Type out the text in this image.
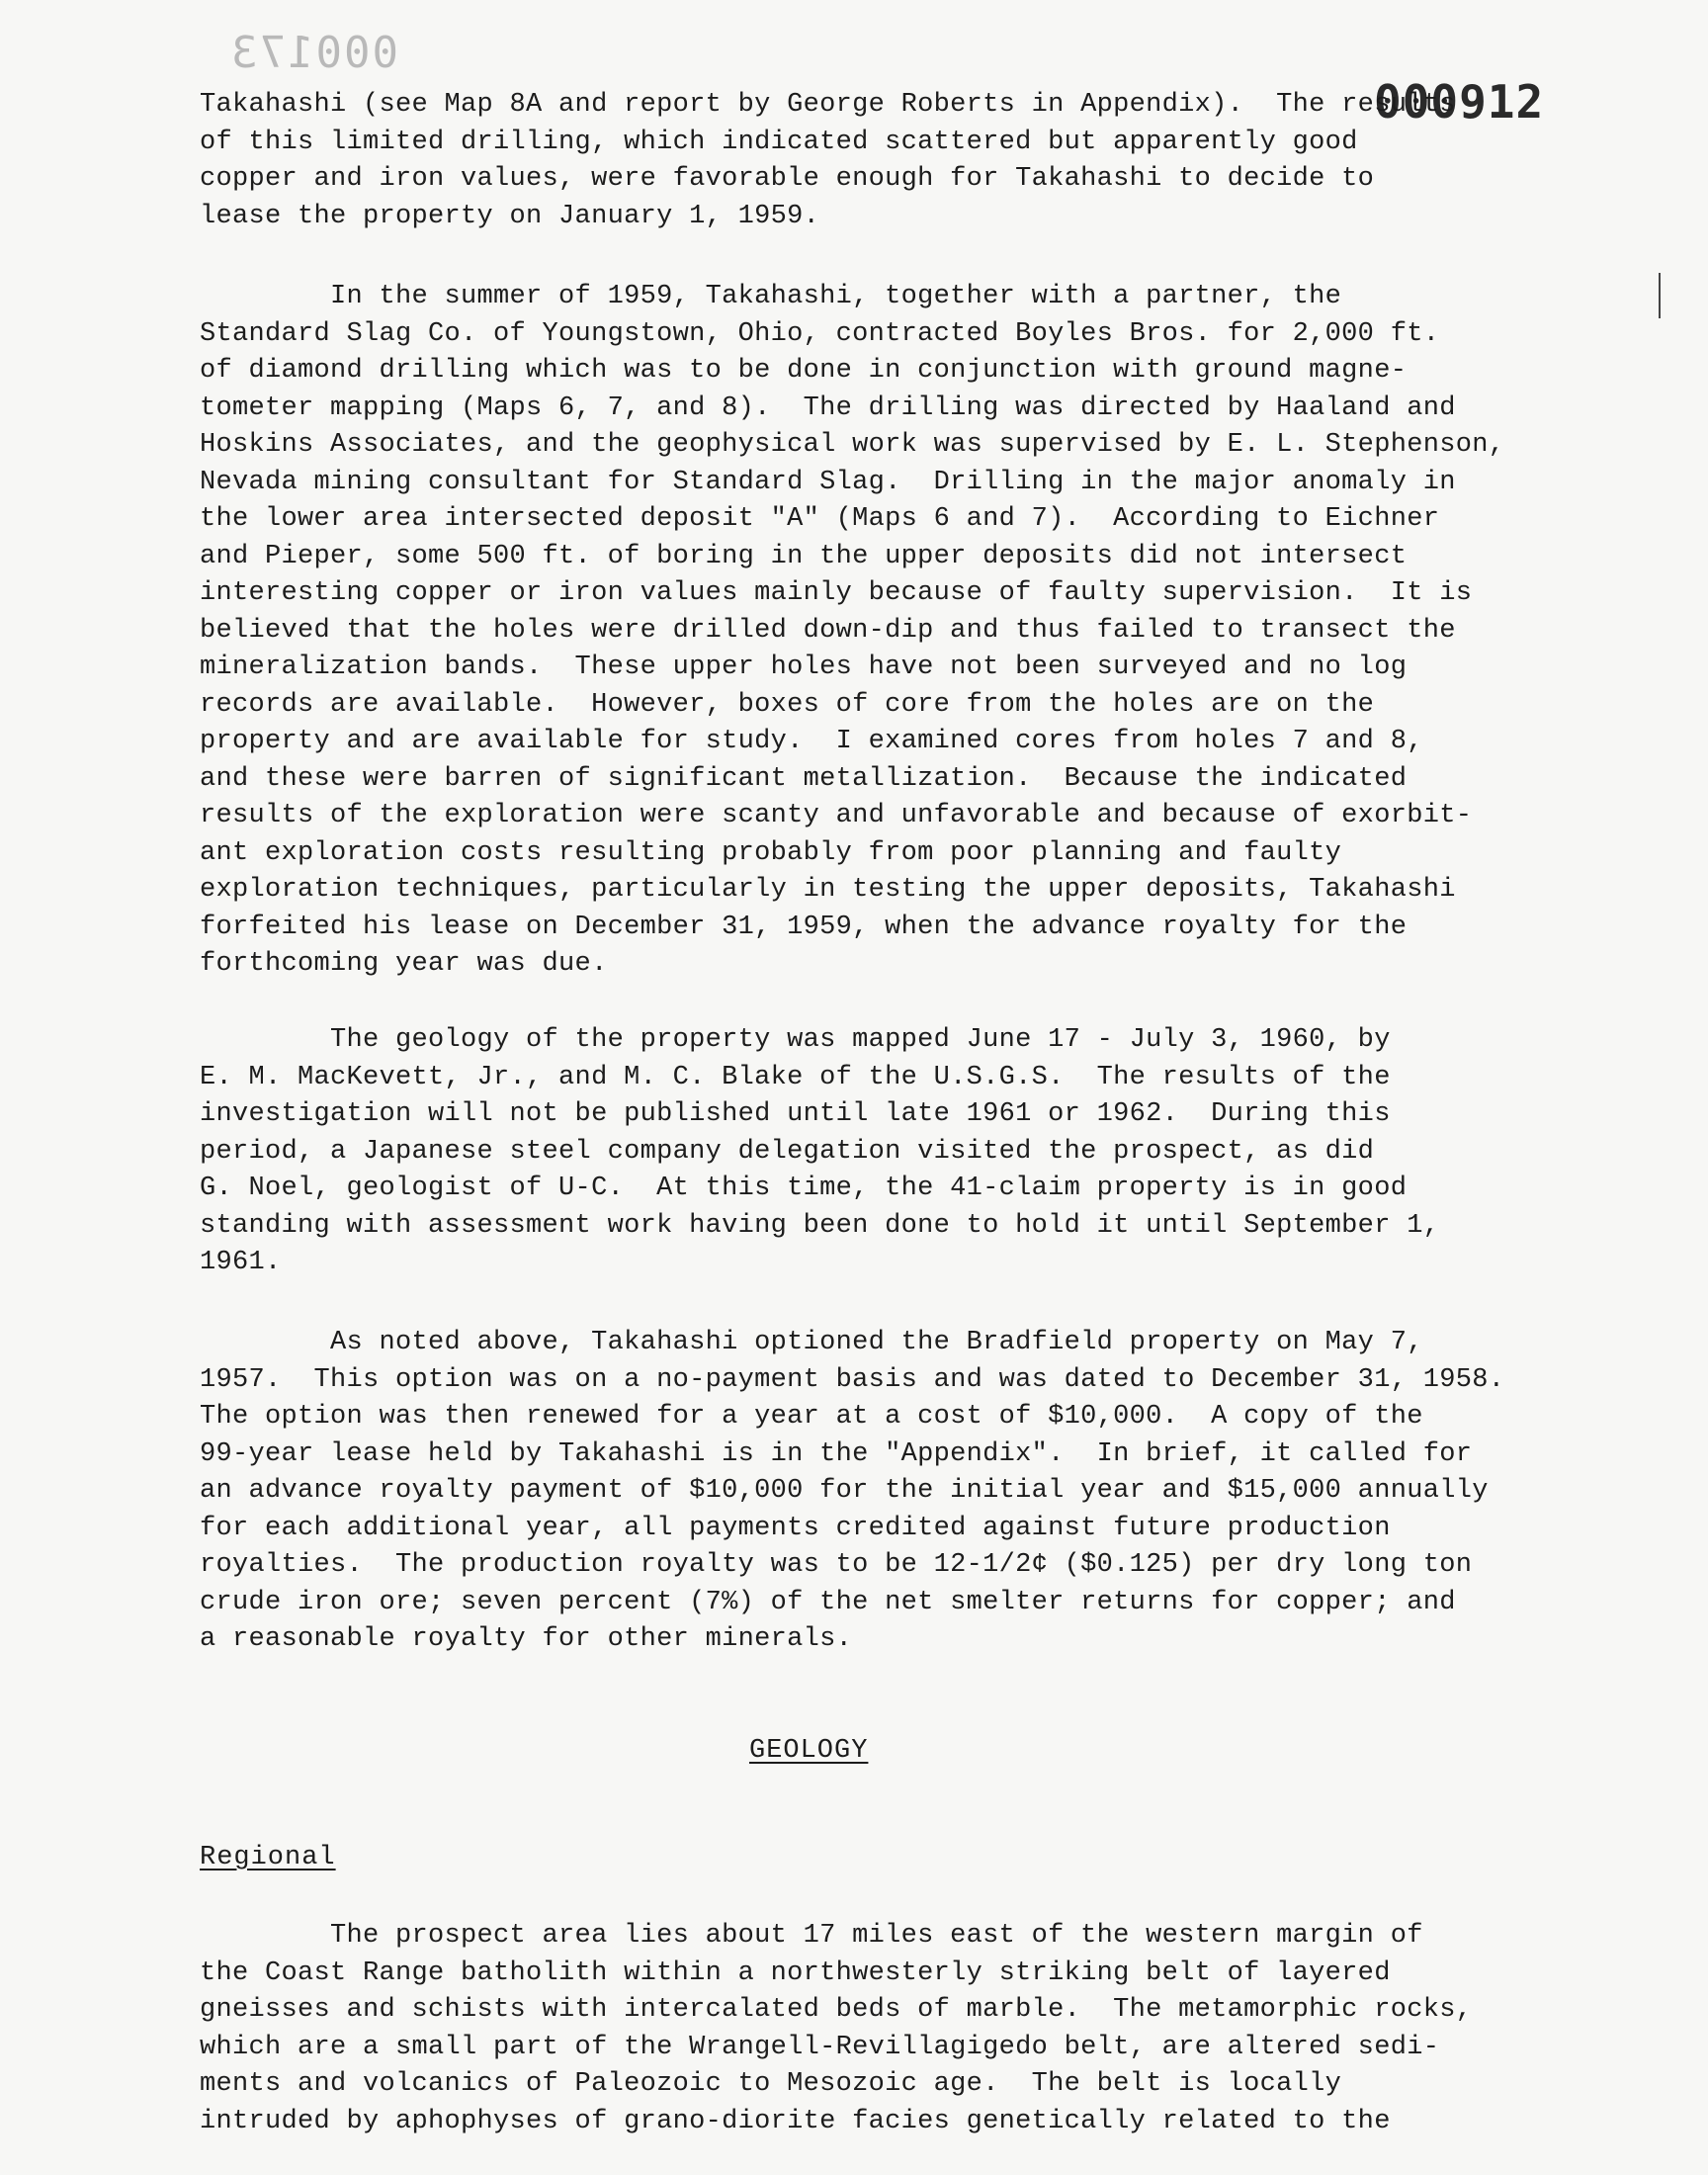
000173
000912
Takahashi (see Map 8A and report by George Roberts in Appendix).  The results
of this limited drilling, which indicated scattered but apparently good
copper and iron values, were favorable enough for Takahashi to decide to
lease the property on January 1, 1959.
In the summer of 1959, Takahashi, together with a partner, the
Standard Slag Co. of Youngstown, Ohio, contracted Boyles Bros. for 2,000 ft.
of diamond drilling which was to be done in conjunction with ground magne-
tometer mapping (Maps 6, 7, and 8).  The drilling was directed by Haaland and
Hoskins Associates, and the geophysical work was supervised by E. L. Stephenson,
Nevada mining consultant for Standard Slag.  Drilling in the major anomaly in
the lower area intersected deposit "A" (Maps 6 and 7).  According to Eichner
and Pieper, some 500 ft. of boring in the upper deposits did not intersect
interesting copper or iron values mainly because of faulty supervision.  It is
believed that the holes were drilled down-dip and thus failed to transect the
mineralization bands.  These upper holes have not been surveyed and no log
records are available.  However, boxes of core from the holes are on the
property and are available for study.  I examined cores from holes 7 and 8,
and these were barren of significant metallization.  Because the indicated
results of the exploration were scanty and unfavorable and because of exorbit-
ant exploration costs resulting probably from poor planning and faulty
exploration techniques, particularly in testing the upper deposits, Takahashi
forfeited his lease on December 31, 1959, when the advance royalty for the
forthcoming year was due.
The geology of the property was mapped June 17 - July 3, 1960, by
E. M. MacKevett, Jr., and M. C. Blake of the U.S.G.S.  The results of the
investigation will not be published until late 1961 or 1962.  During this
period, a Japanese steel company delegation visited the prospect, as did
G. Noel, geologist of U-C.  At this time, the 41-claim property is in good
standing with assessment work having been done to hold it until September 1,
1961.
As noted above, Takahashi optioned the Bradfield property on May 7,
1957.  This option was on a no-payment basis and was dated to December 31, 1958.
The option was then renewed for a year at a cost of $10,000.  A copy of the
99-year lease held by Takahashi is in the "Appendix".  In brief, it called for
an advance royalty payment of $10,000 for the initial year and $15,000 annually
for each additional year, all payments credited against future production
royalties.  The production royalty was to be 12-1/2¢ ($0.125) per dry long ton
crude iron ore; seven percent (7%) of the net smelter returns for copper; and
a reasonable royalty for other minerals.
GEOLOGY
Regional
The prospect area lies about 17 miles east of the western margin of
the Coast Range batholith within a northwesterly striking belt of layered
gneisses and schists with intercalated beds of marble.  The metamorphic rocks,
which are a small part of the Wrangell-Revillagigedo belt, are altered sedi-
ments and volcanics of Paleozoic to Mesozoic age.  The belt is locally
intruded by aphophyses of grano-diorite facies genetically related to the
